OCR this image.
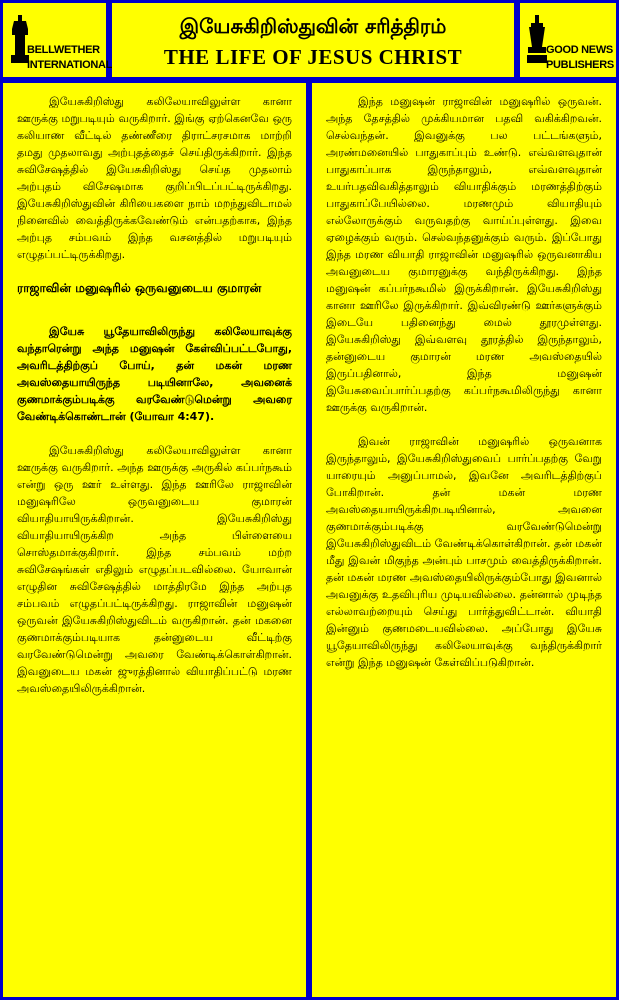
BELLWETHER
INTERNATIONAL
இயேசுகிறிஸ்துவின் சரித்திரம்
THE LIFE OF JESUS CHRIST	GOOD NEWS
PUBLISHERS

இயேசுகிறிஸ்து கலிலேயாவிலுள்ள கானா ஊருக்கு மறுபடியும் வருகிறார். இங்கு ஏற்கெனவே ஒரு கலியாண வீட்டில் தண்ணீரை திராட்சரசமாக மாற்றி தமது முதலாவது அற்புதத்தைச் செய்திருக்கிறார். இந்த சுவிசேஷத்தில் இயேசுகிறிஸ்து செய்த முதலாம் அற்புதம் விசேஷமாக குறிப்பிடப்பட்டிருக்கிறது. இயேசுகிறிஸ்துவின் கிரியைகளை நாம் மறந்துவிடாமல் நினைவில் வைத்திருக்கவேண்டும் என்பதற்காக, இந்த அற்புத சம்பவம் இந்த வசனத்தில் மறுபடியும் எழுதப்பட்டிருக்கிறது.

ராஜாவின் மனுஷரில் ஒருவனுடைய குமாரன்

இயேசு யூதேயாவிலிருந்து கலிலேயாவுக்கு வந்தாரென்று அந்த மனுஷன் கேள்விப்பட்டபோது, அவரிடத்திற்குப் போய், தன் மகன் மரண அவஸ்தையாயிருந்த படியினாலே, அவனைக் குணமாக்கும்படிக்கு வரவேண்டுமென்று அவரை வேண்டிக்கொண்டான் (யோவா 4:47).

இயேசுகிறிஸ்து கலிலேயாவிலுள்ள கானா ஊருக்கு வருகிறார். அந்த ஊருக்கு அருகில் கப்பர்நகூம் என்று ஒரு ஊர் உள்ளது. இந்த ஊரிலே ராஜாவின் மனுஷரிலே ஒருவனுடைய குமாரன் வியாதியாயிருக்கிறான். இயேசுகிறிஸ்து வியாதியாயிருக்கிற அந்த பிள்ளையை சொஸ்தமாக்குகிறார். இந்த சம்பவம் மற்ற சுவிசேஷங்கள் எதிலும் எழுதப்படவில்லை. யோவான் எழுதின சுவிசேஷத்தில் மாத்திரமே இந்த அற்புத சம்பவம் எழுதப்பட்டிருக்கிறது. ராஜாவின் மனுஷன் ஒருவன் இயேசுகிறிஸ்துவிடம் வருகிறான். தன் மகனை குணமாக்கும்படியாக தன்னுடைய வீட்டிற்கு வரவேண்டுமென்று அவரை வேண்டிக்கொள்கிறான். இவனுடைய மகன் ஜுரத்தினால் வியாதிப்பட்டு மரண அவஸ்தையிலிருக்கிறான்.

இந்த மனுஷன் ராஜாவின் மனுஷரில் ஒருவன். அந்த தேசத்தில் முக்கியமான பதவி வகிக்கிறவன். செல்வந்தன். இவனுக்கு பல பட்டங்களும், அரண்மனையில் பாதுகாப்பும் உண்டு. எவ்வளவுதான் பாதுகாப்பாக இருந்தாலும், எவ்வளவுதான் உயர்பதவிவகித்தாலும் வியாதிக்கும் மரணத்திற்கும் பாதுகாப்பேயில்லை. மரணமும் வியாதியும் எல்லோருக்கும் வருவதற்கு வாய்ப்புள்ளது. இவை ஏழைக்கும் வரும். செல்வந்தனுக்கும் வரும். இப்போது இந்த மரண வியாதி ராஜாவின் மனுஷரில் ஒருவனாகிய அவனுடைய குமாரனுக்கு வந்திருக்கிறது. இந்த மனுஷன் கப்பர்நகூமில் இருக்கிறான். இயேசுகிறிஸ்து கானா ஊரிலே இருக்கிறார். இவ்விரண்டு ஊர்களுக்கும் இடையே பதினைந்து மைல் தூரமுள்ளது. இயேசுகிறிஸ்து இவ்வளவு தூரத்தில் இருந்தாலும், தன்னுடைய குமாரன் மரண அவஸ்தையில் இருப்பதினால், இந்த மனுஷன் இயேசுவைப்பார்ப்பதற்கு கப்பர்நகூமிலிருந்து கானா ஊருக்கு வருகிறான்.

இவன் ராஜாவின் மனுஷரில் ஒருவனாக இருந்தாலும், இயேசுகிறிஸ்துவைப் பார்ப்பதற்கு வேறு யாரையும் அனுப்பாமல், இவனே அவரிடத்திற்குப் போகிறான். தன் மகன் மரண அவஸ்தையாயிருக்கிறபடியினால், அவனை குணமாக்கும்படிக்கு வரவேண்டுமென்று இயேசுகிறிஸ்துவிடம் வேண்டிக்கொள்கிறான். தன் மகன் மீது இவன் மிகுந்த அன்பும் பாசமும் வைத்திருக்கிறான். தன் மகன் மரண அவஸ்தையிலிருக்கும்போது இவனால் அவனுக்கு உதவிபுரிய முடியவில்லை. தன்னால் முடிந்த எல்லாவற்றையும் செய்து பார்த்துவிட்டான். வியாதி இன்னும் குணமடையவில்லை. அப்போது இயேசு யூதேயாவிலிருந்து கலிலேயாவுக்கு வந்திருக்கிறார் என்று இந்த மனுஷன் கேள்விப்படுகிறான்.
